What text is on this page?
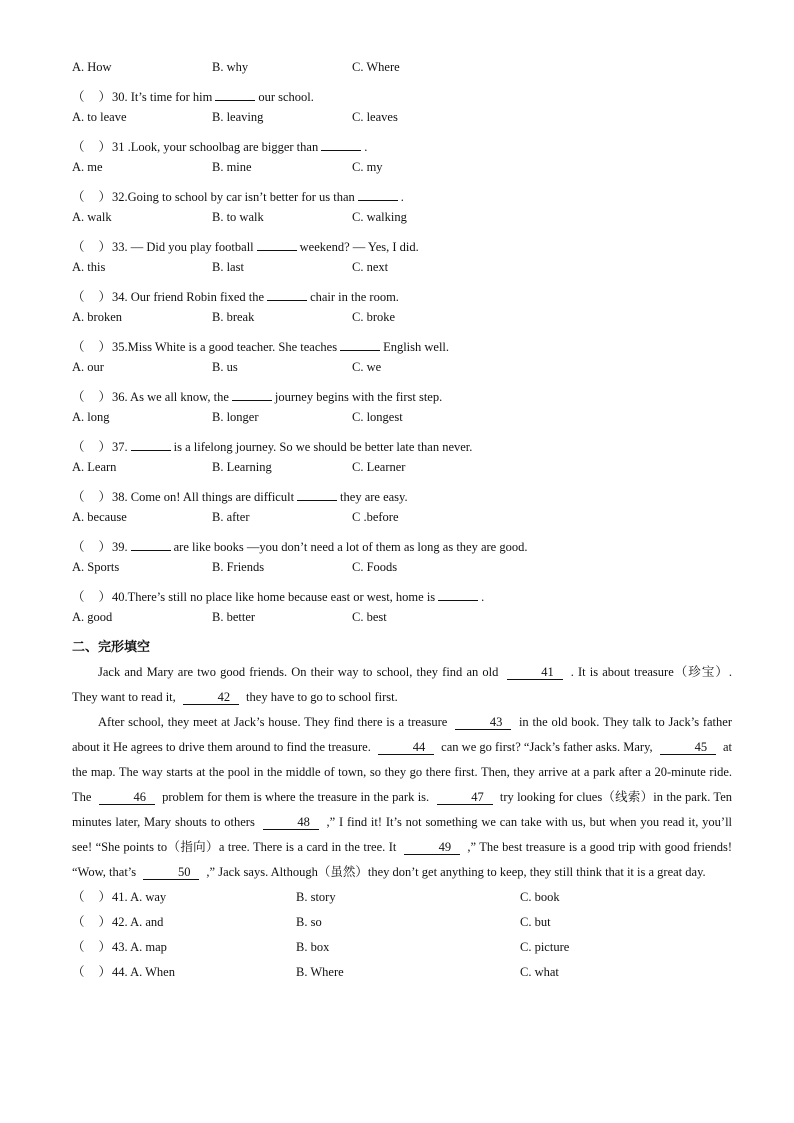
A. How	B. why	C. Where
（ ）30. It’s time for him	our school.
A. to leave	B. leaving	C. leaves
（ ）31 .Look, your schoolbag are bigger than	.
A. me	B. mine	C. my
（ ）32.Going to school by car isn’t better for us than	.
A. walk	B. to walk	C. walking
（ ）33. — Did you play football	weekend? — Yes, I did.
A. this	B. last	C. next
（ ）34. Our friend Robin fixed the	chair in the room.
A. broken	B. break	C. broke
（ ）35.Miss White is a good teacher. She teaches	English well.
A. our	B. us	C. we
（ ）36. As we all know, the	journey begins with the first step.
A. long	B. longer	C. longest
（ ）37.	is a lifelong journey. So we should be better late than never.
A. Learn	B. Learning	C. Learner
（ ）38. Come on! All things are difficult	they are easy.
A. because	B. after	C .before
（ ）39.	are like books —you don’t need a lot of them as long as they are good.
A. Sports	B. Friends	C. Foods
（ ）40.There’s still no place like home because east or west, home is	.
A. good	B. better	C. best
二、完形填空
Jack and Mary are two good friends. On their way to school, they find an old	41 . It is about treasure（珍宝）. They want to read it,	42 they have to go to school first.
After school, they meet at Jack’s house. They find there is a treasure	43 in the old book. They talk to Jack’s father about it He agrees to drive them around to find the treasure.	44 can we go first? “Jack’s father asks. Mary,	45 at the map. The way starts at the pool in the middle of town, so they go there first. Then, they arrive at a park after a 20-minute ride. The	46 problem for them is where the treasure in the park is.	47 try looking for clues（线索）in the park. Ten minutes later, Mary shouts to others	48 ,” I find it! It’s not something we can take with us, but when you read it, you’ll see! “She points to（指向）a tree. There is a card in the tree. It	49 ,” The best treasure is a good trip with good friends! “Wow, that’s	50 ,” Jack says. Although（虽然）they don’t get anything to keep, they still think that it is a great day.
（ ）41. A. way	B. story	C. book
（ ）42. A. and	B. so	C. but
（ ）43. A. map	B. box	C. picture
（ ）44. A. When	B. Where	C. what
